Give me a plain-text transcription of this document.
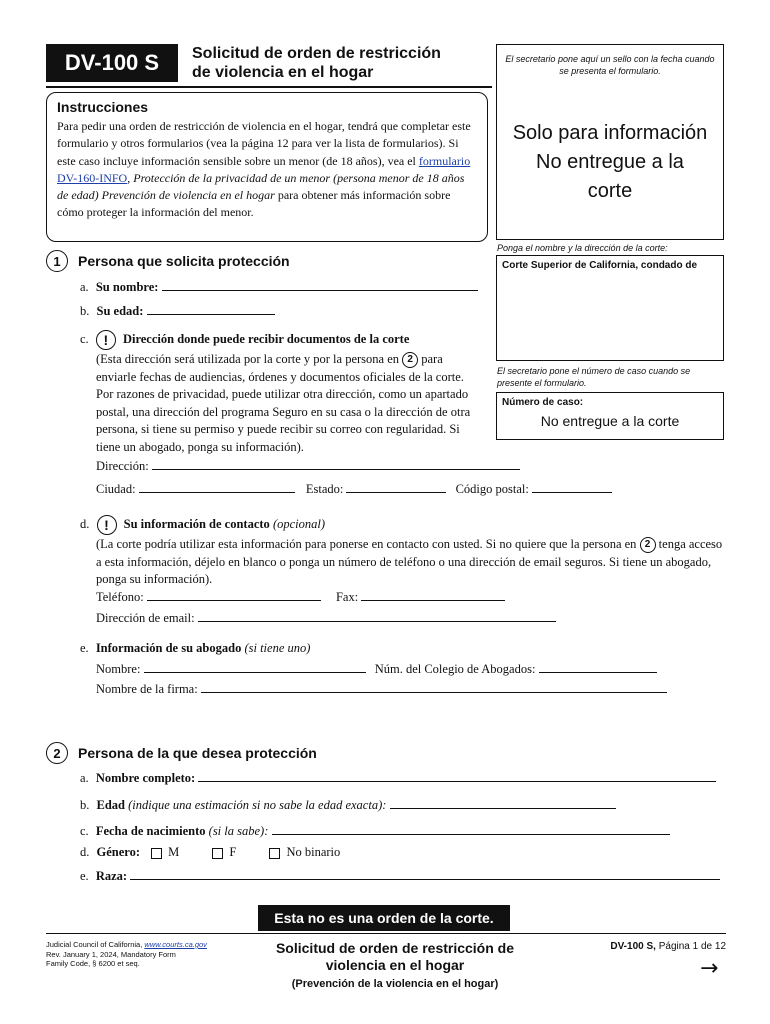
DV-100 S	Solicitud de orden de restricción
de violencia en el hogar
El secretario pone aquí un sello con la fecha cuando se presenta el formulario.
Solo para información
No entregue a la
corte
Instrucciones
Para pedir una orden de restricción de violencia en el hogar, tendrá que completar este formulario y otros formularios (vea la página 12 para ver la lista de formularios). Si este caso incluye información sensible sobre un menor (de 18 años), vea el formulario DV-160-INFO, Protección de la privacidad de un menor (persona menor de 18 años de edad) Prevención de violencia en el hogar para obtener más información sobre cómo proteger la información del menor.
Ponga el nombre y la dirección de la corte:
Corte Superior de California, condado de
El secretario pone el número de caso cuando se presente el formulario.
Número de caso:
No entregue a la corte
1	Persona que solicita protección
a. Su nombre:
b. Su edad:
c. ! Dirección donde puede recibir documentos de la corte
(Esta dirección será utilizada por la corte y por la persona en 2 para enviarle fechas de audiencias, órdenes y documentos oficiales de la corte. Por razones de privacidad, puede utilizar otra dirección, como un apartado postal, una dirección del programa Seguro en su casa o la dirección de otra persona, si tiene su permiso y puede recibir su correo con regularidad. Si tiene un abogado, ponga su información).
Dirección:
Ciudad:	Estado:	Código postal:
d. ! Su información de contacto (opcional)
(La corte podría utilizar esta información para ponerse en contacto con usted. Si no quiere que la persona en 2 tenga acceso a esta información, déjelo en blanco o ponga un número de teléfono o una dirección de email seguros. Si tiene un abogado, ponga su información).
Teléfono:	Fax:
Dirección de email:
e. Información de su abogado (si tiene uno)
Nombre:	Núm. del Colegio de Abogados:
Nombre de la firma:
2	Persona de la que desea protección
a. Nombre completo:
b. Edad (indique una estimación si no sabe la edad exacta):
c. Fecha de nacimiento (si la sabe):
d. Género: M	F	No binario
e. Raza:
Esta no es una orden de la corte.
Judicial Council of California, www.courts.ca.gov
Rev. January 1, 2024, Mandatory Form
Family Code, § 6200 et seq.
Solicitud de orden de restricción de
violencia en el hogar
(Prevención de la violencia en el hogar)
DV-100 S, Página 1 de 12
→
